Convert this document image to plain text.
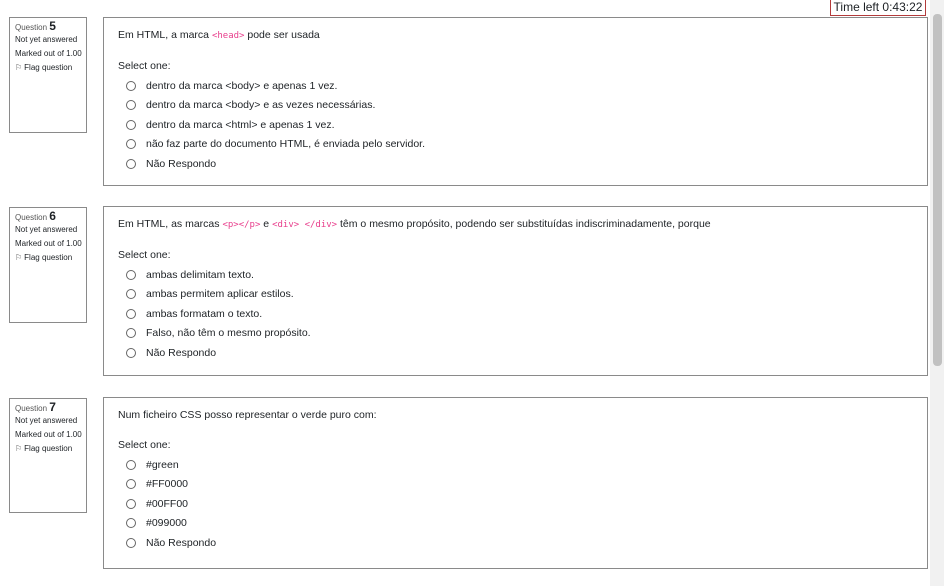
Time left 0:43:22
Question 5
Not yet answered
Marked out of 1.00
⚐ Flag question
Em HTML, a marca <head> pode ser usada
Select one:
dentro da marca <body> e apenas 1 vez.
dentro da marca <body> e as vezes necessárias.
dentro da marca <html> e apenas 1 vez.
não faz parte do documento HTML, é enviada pelo servidor.
Não Respondo
Question 6
Not yet answered
Marked out of 1.00
⚐ Flag question
Em HTML, as marcas <p></p> e <div> </div> têm o mesmo propósito, podendo ser substituídas indiscriminadamente, porque
Select one:
ambas delimitam texto.
ambas permitem aplicar estilos.
ambas formatam o texto.
Falso, não têm o mesmo propósito.
Não Respondo
Question 7
Not yet answered
Marked out of 1.00
⚐ Flag question
Num ficheiro CSS posso representar o verde puro com:
Select one:
#green
#FF0000
#00FF00
#099000
Não Respondo
